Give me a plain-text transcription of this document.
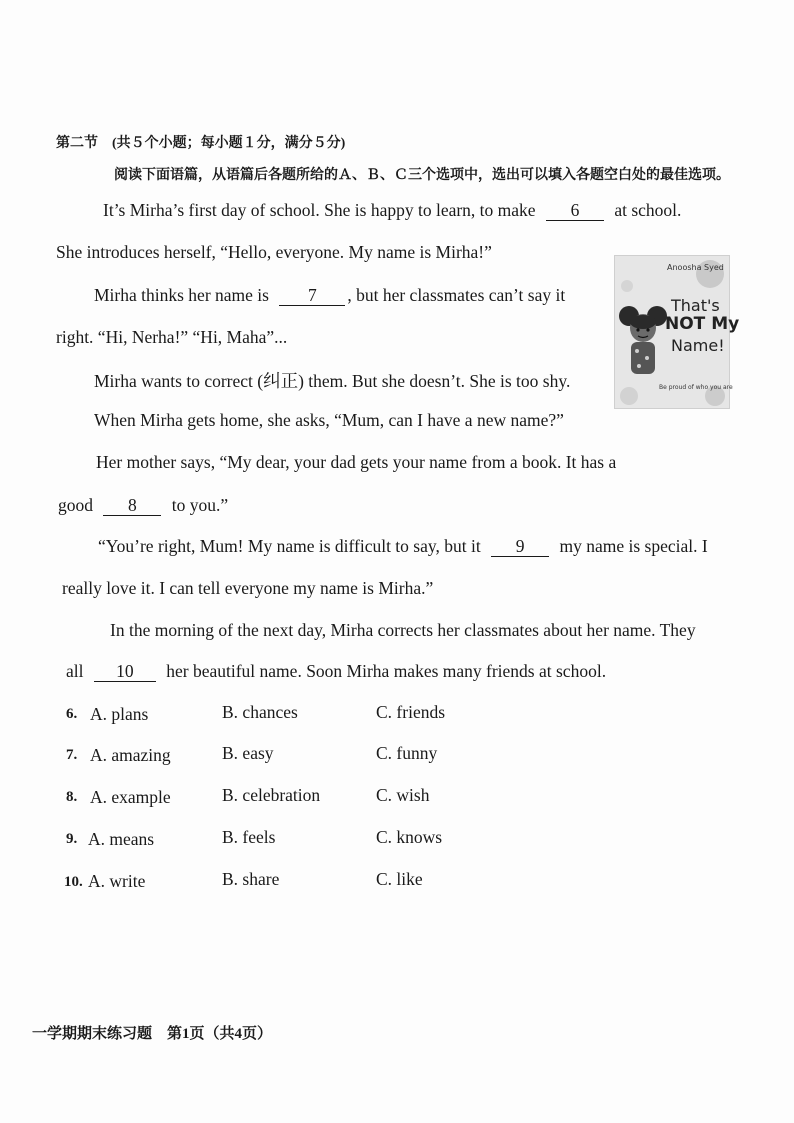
第二节　(共５个小题；每小题１分，满分５分)
阅读下面语篇，从语篇后各题所给的Ａ、Ｂ、Ｃ三个选项中，选出可以填入各题空白处的最佳选项。
It’s Mirha’s first day of school. She is happy to learn, to make 6 at school.
She introduces herself, “Hello, everyone. My name is Mirha!”
Mirha thinks her name is 7 , but her classmates can’t say it
right. “Hi, Nerha!” “Hi, Maha”...
Anoosha Syed
That's
NOT My
Name!
Be proud of who you are
Mirha wants to correct (纠正) them. But she doesn’t. She is too shy.
When Mirha gets home, she asks, “Mum, can I have a new name?”
Her mother says, “My dear, your dad gets your name from a book. It has a
good 8 to you.”
“You’re right, Mum! My name is difficult to say, but it 9 my name is special. I
really love it. I can tell everyone my name is Mirha.”
In the morning of the next day, Mirha corrects her classmates about her name. They
all 10 her beautiful name. Soon Mirha makes many friends at school.
6. A. plans	B. chances	C. friends
7. A. amazing	B. easy	C. funny
8. A. example	B. celebration	C. wish
9. A. means	B. feels	C. knows
10. A. write	B. share	C. like
一学期期末练习题　第1页（共4页）
